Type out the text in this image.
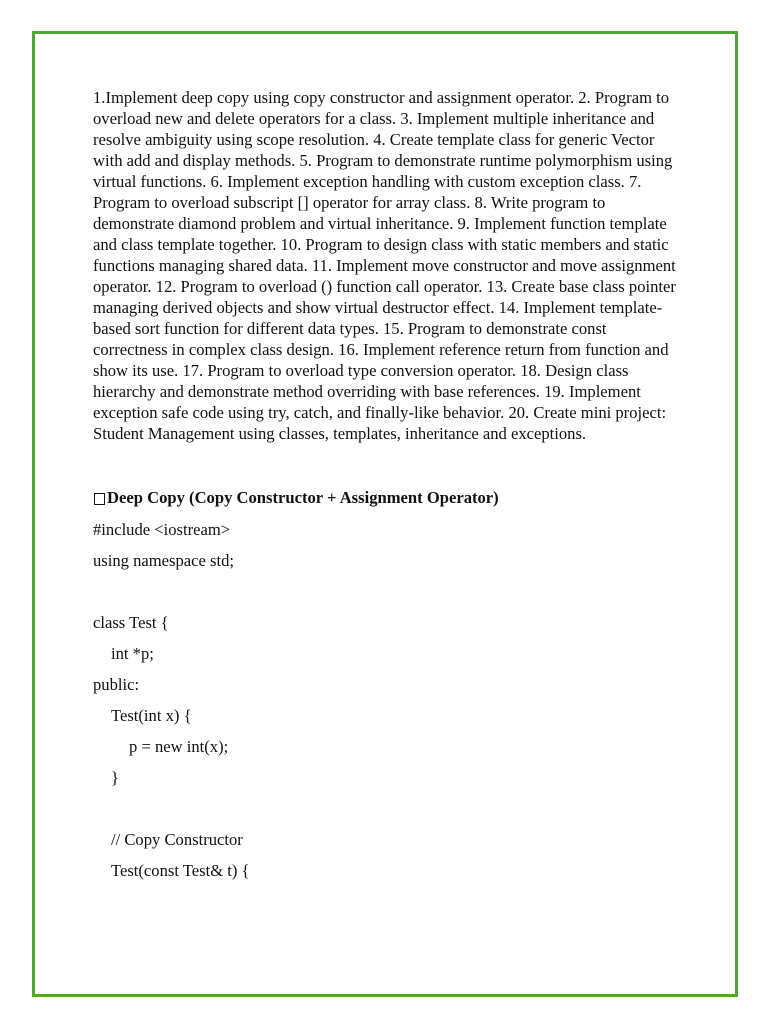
1.Implement deep copy using copy constructor and assignment operator. 2. Program to overload new and delete operators for a class. 3. Implement multiple inheritance and resolve ambiguity using scope resolution. 4. Create template class for generic Vector with add and display methods. 5. Program to demonstrate runtime polymorphism using virtual functions. 6. Implement exception handling with custom exception class. 7. Program to overload subscript [] operator for array class. 8. Write program to demonstrate diamond problem and virtual inheritance. 9. Implement function template and class template together. 10. Program to design class with static members and static functions managing shared data. 11. Implement move constructor and move assignment operator. 12. Program to overload () function call operator. 13. Create base class pointer managing derived objects and show virtual destructor effect. 14. Implement template-based sort function for different data types. 15. Program to demonstrate const correctness in complex class design. 16. Implement reference return from function and show its use. 17. Program to overload type conversion operator. 18. Design class hierarchy and demonstrate method overriding with base references. 19. Implement exception safe code using try, catch, and finally-like behavior. 20. Create mini project: Student Management using classes, templates, inheritance and exceptions.

Deep Copy (Copy Constructor + Assignment Operator)
#include <iostream>
using namespace std;
class Test {
int *p;
public:
Test(int x) {
p = new int(x);
}
// Copy Constructor
Test(const Test& t) {
